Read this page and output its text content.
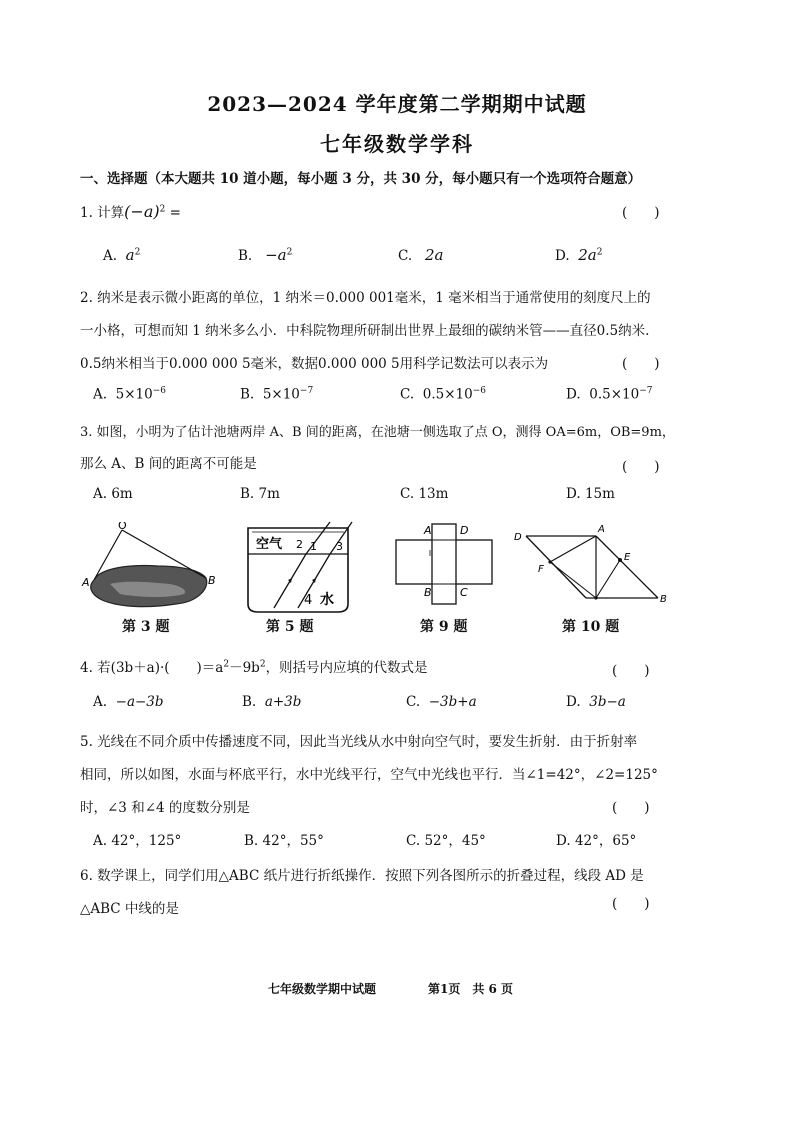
2023—2024 学年度第二学期期中试题
七年级数学学科
一、选择题（本大题共 10 道小题，每小题 3 分，共 30 分，每小题只有一个选项符合题意）
1. 计算$(-a)^2$ =	(　　)
A. $a^2$	B. $-a^2$	C. 2a	D. $2a^2$
2. 纳米是表示微小距离的单位，1 纳米＝0.000 001毫米，1 毫米相当于通常使用的刻度尺上的
一小格，可想而知 1 纳米多么小．中科院物理所研制出世界上最细的碳纳米管——直径0.5纳米.
0.5纳米相当于0.000 000 5毫米，数据0.000 000 5用科学记数法可以表示为	(　　)
A. $5\times 10^{-6}$	B. $5\times 10^{-7}$	C. $0.5\times 10^{-6}$	D. $0.5\times 10^{-7}$
3. 如图，小明为了估计池塘两岸 A、B 间的距离，在池塘一侧选取了点 O，测得 OA=6m，OB=9m，
那么 A、B 间的距离不可能是	(　　)
A. 6m	B. 7m	C. 13m	D. 15m
O
A	B
第 3 题
空气	1
2	3
4 水
第 5 题
A	D
B	C
第 9 题
D
A
E
F
B
第 10 题
4. 若(3b＋a)·(　　)$=a^2-9b^2$，则括号内应填的代数式是	(　　)
A. −a−3b	B. a+3b	C. −3b+a	D. 3b−a
5. 光线在不同介质中传播速度不同，因此当光线从水中射向空气时，要发生折射．由于折射率
相同，所以如图，水面与杯底平行，水中光线平行，空气中光线也平行．当∠1=42°，∠2=125°
时，∠3 和∠4 的度数分别是	(　　)
A. 42°，125°	B. 42°，55°	C. 52°，45°	D. 42°，65°
6. 数学课上，同学们用△ABC 纸片进行折纸操作．按照下列各图所示的折叠过程，线段 AD 是
△ABC 中线的是	(　　)
七年级数学期中试题	第1页　共 6 页
